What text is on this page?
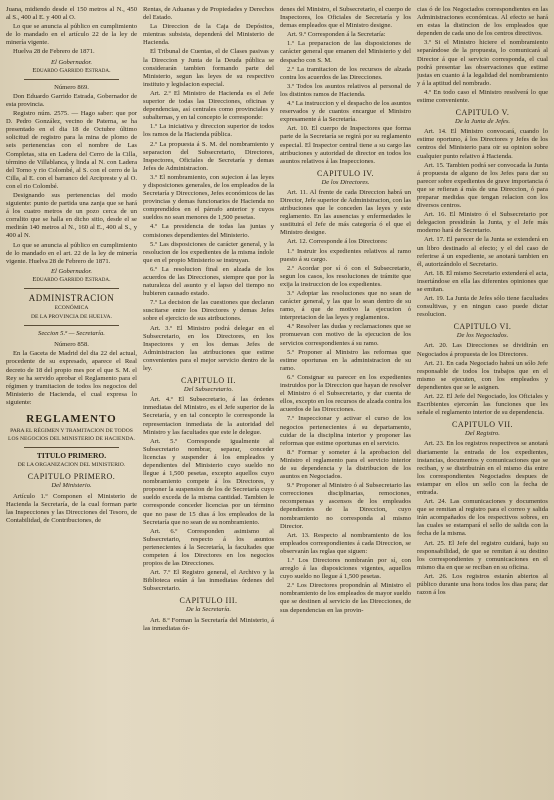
Juana, midiendo desde el 150 metros al N., 450 al S., 400 al E. y 400 al O.

Lo que se anuncia al público en cumplimiento de lo mandado en el artículo 22 de la ley de minería vigente.

Huelva 28 de Febrero de 1871.

El Gobernador.
Eduardo Garrido Estrada.
Número 869.

Don Eduardo Garrido Estrada, Gobernador de esta provincia.

Registro núm. 2575. — Hago saber: que por D. Pedro González, vecino de Paterna, se ha presentado en el dia 18 de Octubre último solicitud de registro para la mina de plomo de seis pertenencias con el nombre de Las Completas, sita en Ladera del Cerro de la Cilla, término de Villablanca, y linda al N. con Ladera del Torno y rio Colombé, al S. con el cerro de la Cilla, al E. con el barranco del Arcipreste y al O. con el rio Colombé.

Designando sus pertenencias del modo siguiente: punto de partida una zanja que se hará á los cuatro metros de un pozo cerca de un corralito que se halla en dicho sitio, desde el se medirán 140 metros al N., 160 al E., 400 al S., y 400 al N.

Lo que se anuncia al público en cumplimiento de lo mandado en el art. 22 de la ley de minería vigente. Huelva 28 de Febrero de 1871.

El Gobernador.
Eduardo Garrido Estrada.
ADMINISTRACION
ECONÓMICA
DE LA PROVINCIA DE HUELVA.
Seccion 5.ª — Secretaría.
Número 858.

En la Gaceta de Madrid del dia 22 del actual, procedente de su expresado, aparece el Real decreto de 18 del propio mes por el que S. M. el Rey se ha servido aprobar el Reglamento para el régimen y tramitacion de todos los negocios del Ministerio de Hacienda, el cual expresa lo siguiente:

REGLAMENTO
PARA EL RÉGIMEN Y TRAMITACION DE TODOS LOS NEGOCIOS DEL MINISTERIO DE HACIENDA.
TITULO PRIMERO.
DE LA ORGANIZACION DEL MINISTERIO.
CAPITULO PRIMERO.
Del Ministerio.

Artículo 1.º Componen el Ministerio de Hacienda la Secretaría, de la cual forman parte las Inspecciones y las Direcciones del Tesoro, de Contabilidad, de Contribuciones, de

Rentas, de Aduanas y de Propiedades y Derechos del Estado.

La Direccion de la Caja de Depósitos, mientras subsista, dependerá del Ministerio de Hacienda.

El Tribunal de Cuentas, el de Clases pasivas y la Direccion y Junta de la Deuda pública se considerarán tambien formando parte del Ministerio, segun las leyes de su respectivo instituto y legislacion especial.

Art. 2.º El Ministro de Hacienda es el Jefe superior de todas las Direcciones, oficinas y dependencias, así centrales como provinciales y subalternas, y en tal concepto le corresponde:

1.º La iniciativa y direccion superior de todos los ramos de la Hacienda pública.

2.º La propuesta á S. M. del nombramiento y separacion del Subsecretario, Directores, Inspectores, Oficiales de Secretaría y demas Jefes de Administracion.

3.º El nombramiento, con sujecion á las leyes y disposiciones generales, de los empleados de la Secretaría y Direcciones, Jefes económicos de las provincias y demas funcionarios de Hacienda no comprendidos en el párrafo anterior y cuyos sueldos no sean menores de 1,500 pesetas.

4.º La presidencia de todas las juntas y comisiones dependientes del Ministerio.

5.º Las disposiciones de carácter general, y la resolucion de los expedientes de la misma índole que en el propio Ministerio se instruyan.

6.º La resolucion final en alzada de los acuerdos de las Direcciones, siempre que por la naturaleza del asunto y el lapso del tiempo no hubieren causado estado.

7.º La decision de las cuestiones que declaran suscitarse entre los Directores y demas Jefes sobre el ejercicio de sus atribuciones.

Art. 3.º El Ministro podrá delegar en el Subsecretario, en los Directores, en los Inspectores y en los demas Jefes de Administracion las atribuciones que estime convenientes para el mejor servicio dentro de la ley.

CAPITULO II.
Del Subsecretario.

Art. 4.º El Subsecretario, á las órdenes inmediatas del Ministro, es el Jefe superior de la Secretaría, y en tal concepto le corresponde la representacion inmediata de la autoridad del Ministro y las facultades que este le delegue.

Art. 5.º Corresponde igualmente al Subsecretario nombrar, separar, conceder licencias y suspender á los empleados y dependientes del Ministerio cuyo sueldo no llegue á 1,500 pesetas, excepto aquellos cuyo nombramiento compete á los Directores, y proponer la suspension de los de Secretaría cuyo sueldo exceda de la misma cantidad. Tambien le corresponde conceder licencias por un término que no pase de 15 dias á los empleados de la Secretaría que no sean de su nombramiento.

Art. 6.º Corresponden asimismo al Subsecretario, respecto á los asuntos pertenecientes á la Secretaría, la facultades que competen á los Directores en los negocios propios de las Direcciones.

Art. 7.º El Registro general, el Archivo y la Biblioteca están á las inmediatas órdenes del Subsecretario.

CAPITULO III.
De la Secretaría.

Art. 8.º Forman la Secretaría del Ministerio, á las inmediatas ór-

denes del Ministro, el Subsecretario, el cuerpo de Inspectores, los Oficiales de Secretaría y los demas empleados que el Ministro designe.

Art. 9.º Corresponden á la Secretaría:

1.º La preparacion de las disposiciones de carácter general que emanen del Ministerio y del despacho con S. M.

2.º La tramitacion de los recursos de alzada contra los acuerdos de las Direcciones.

3.º Todos los asuntos relativos al personal de los distintos ramos de Hacienda.

4.º La instruccion y el despacho de los asuntos reservados y de cuantos encargue el Ministro expresamente á la Secretaría.

Art. 10. El cuerpo de Inspectores que forma parte de la Secretaría se regirá por su reglamento especial. El Inspector central tiene a su cargo las atribuciones y autoridad de director en todos los asuntos relativos á las Inspecciones.

CAPITULO IV.
De los Directores.

Art. 11. Al frente de cada Direccion habrá un Director, Jefe superior de Administracion, con las atribuciones que le conceden las leyes y este reglamento. En las ausencias y enfermedades le sustituirá el Jefe de más categoría ó el que el Ministro designe.

Art. 12. Corresponde á los Directores:

1.º Instruir los expedientes relativos al ramo puesto á su cargo.

2.º Acordar por sí ó con el Subsecretario, segun los casos, los resoluciones de trámite que exija la instruccion de los expedientes.

3.º Adoptar las resoluciones que no sean de carácter general, y las que lo sean dentro de su ramo, á que de motivo la ejecucion ó interpretacion de las leyes y reglamentos.

4.º Resolver las dudas y reclamaciones que se promuevan con motivo de la ejecucion de los servicios correspondientes á su ramo.

5.º Proponer al Ministro las reformas que estime oportunas en la administracion de su ramo.

6.º Consignar su parecer en los expedientes instruidos por la Direccion que hayan de resolver el Ministro ó el Subsecretario, y dar cuenta de ellos, excepto en los recursos de alzada contra los acuerdos de las Direcciones.

7.º Inspeccionar y activar el curso de los negocios pertenecientes á su departamento, cuidar de la disciplina interior y proponer las reformas que estime oportunas en el servicio.

8.º Formar y someter á la aprobacion del Ministro el reglamento para el servicio interior de su dependencia y la distribucion de los asuntos en Negociados.

9.º Proponer al Ministro ó al Subsecretario las correcciones disciplinarias, remociones, recompensas y ascensos de los empleados dependientes de la Direccion, cuyo nombramiento no corresponda al mismo Director.

Art. 13. Respecto al nombramiento de los empleados correspondientes á cada Direccion, se observarán las reglas que siguen:

1.º Los Directores nombrarán por sí, con arreglo á las disposiciones vigentes, aquellos cuyo sueldo no llegue á 1,500 pesetas.

2.º Los Directores propondrán al Ministro el nombramiento de los empleados de mayor sueldo que se destinen al servicio de las Direcciones, de sus dependencias en las provin-

cias ó de los Negociados correspondientes en las Administraciones económicas. Al efecto se hará en estas la distincion de los empleados que dependen de cada uno de los centros directivos.

3.º Si el Ministro hiciere el nombramiento separándose de la propuesta, lo comunicará al Director á que el servicio corresponda, el cual podrá presentar las observaciones que estime justas en cuanto á la legalidad del nombramiento y á la aptitud del nombrado.

4.º En todo caso el Ministro resolverá lo que estime conveniente.

CAPITULO V.
De la Junta de Jefes.

Art. 14. El Ministro convocará, cuando lo estime oportuno, á los Directores y Jefes de los centros del Ministerio para oir su opinion sobre cualquier punto relativo á Hacienda.

Art. 15. Tambien podrá ser convocada la Junta á propuesta de alguno de los Jefes para dar su parecer sobre expedientes de grave importancia ó que se refieran á más de una Direccion, ó para preparar medidas que tengan relacion con los diversos centros.

Art. 16. El Ministro ó el Subsecretario por delegacion presidirán la Junta, y el Jefe más moderno hará de Secretario.

Art. 17. El parecer de la Junta se extenderá en un libro destinado al efecto; y el del caso de referirse á un expediente, se anotará tambien en él, autorizándolo el Secretario.

Art. 18. El mismo Secretario extenderá el acta, insertándose en ella las diferentes opiniones que se emitan.

Art. 19. La Junta de Jefes sólo tiene facultades consultivas, y en ningun caso puede dictar resolucion.

CAPITULO VI.
De los Negociados.

Art. 20. Las Direcciones se dividirán en Negociados á propuesta de los Directores.

Art. 21. En cada Negociado habrá un sólo Jefe responsable de todos los trabajos que en el mismo se ejecuten, con los empleados y dependientes que se le asignen.

Art. 22. El Jefe del Negociado, los Oficiales y Escribientes ejercerán las funciones que les señale el reglamento interior de su dependencia.

CAPITULO VII.
Del Registro.

Art. 23. En los registros respectivos se anotará diariamente la entrada de los expedientes, instancias, documentos y comunicaciones que se reciban, y se distribuirán en el mismo dia entre los correspondientes Negociados despues de estampar en ellos un sello con la fecha de entrada.

Art. 24. Las comunicaciones y documentos que se remitan al registro para el correo y salida irán acompañados de los respectivos sobres, en las cuales se estampará el sello de salida con la fecha de la misma.

Art. 25. El Jefe del registro cuidará, bajo su responsabilidad, de que se remitan á su destino los correspondientes y comunicaciones en el mismo dia en que se reciban en su oficina.

Art. 26. Los registros estarán abiertos al público durante una hora todos los dias para; dar razon á los
